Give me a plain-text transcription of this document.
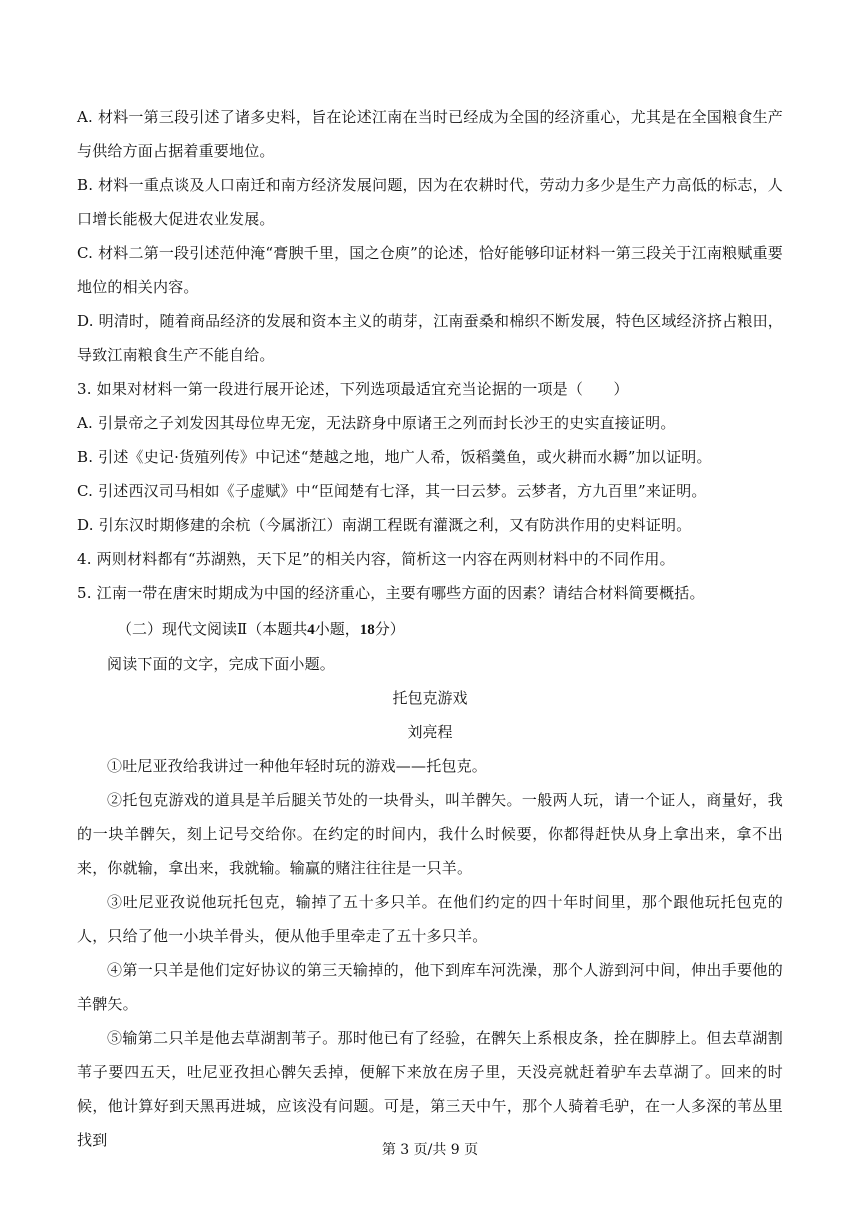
A. 材料一第三段引述了诸多史料，旨在论述江南在当时已经成为全国的经济重心，尤其是在全国粮食生产与供给方面占据着重要地位。

B. 材料一重点谈及人口南迁和南方经济发展问题，因为在农耕时代，劳动力多少是生产力高低的标志，人口增长能极大促进农业发展。

C. 材料二第一段引述范仲淹“膏腴千里，国之仓庾”的论述，恰好能够印证材料一第三段关于江南粮赋重要地位的相关内容。

D. 明清时，随着商品经济的发展和资本主义的萌芽，江南蚕桑和棉织不断发展，特色区域经济挤占粮田，导致江南粮食生产不能自给。

3. 如果对材料一第一段进行展开论述，下列选项最适宜充当论据的一项是（　　）

A. 引景帝之子刘发因其母位卑无宠，无法跻身中原诸王之列而封长沙王的史实直接证明。

B. 引述《史记·货殖列传》中记述“楚越之地，地广人希，饭稻羹鱼，或火耕而水耨”加以证明。

C. 引述西汉司马相如《子虚赋》中“臣闻楚有七泽，其一曰云梦。云梦者，方九百里”来证明。

D. 引东汉时期修建的余杭（今属浙江）南湖工程既有灌溉之利，又有防洪作用的史料证明。

4. 两则材料都有“苏湖熟，天下足”的相关内容，简析这一内容在两则材料中的不同作用。

5. 江南一带在唐宋时期成为中国的经济重心，主要有哪些方面的因素？请结合材料简要概括。

（二）现代文阅读Ⅱ（本题共4小题，18分）

阅读下面的文字，完成下面小题。

托包克游戏

刘亮程

①吐尼亚孜给我讲过一种他年轻时玩的游戏——托包克。

②托包克游戏的道具是羊后腿关节处的一块骨头，叫羊髀矢。一般两人玩，请一个证人，商量好，我的一块羊髀矢，刻上记号交给你。在约定的时间内，我什么时候要，你都得赶快从身上拿出来，拿不出来，你就输，拿出来，我就输。输赢的赌注往往是一只羊。

③吐尼亚孜说他玩托包克，输掉了五十多只羊。在他们约定的四十年时间里，那个跟他玩托包克的人，只给了他一小块羊骨头，便从他手里牵走了五十多只羊。

④第一只羊是他们定好协议的第三天输掉的，他下到库车河洗澡，那个人游到河中间，伸出手要他的羊髀矢。

⑤输第二只羊是他去草湖割苇子。那时他已有了经验，在髀矢上系根皮条，拴在脚脖上。但去草湖割苇子要四五天，吐尼亚孜担心髀矢丢掉，便解下来放在房子里，天没亮就赶着驴车去草湖了。回来的时候，他计算好到天黑再进城，应该没有问题。可是，第三天中午，那个人骑着毛驴，在一人多深的苇丛里找到

第 3 页/共 9 页
